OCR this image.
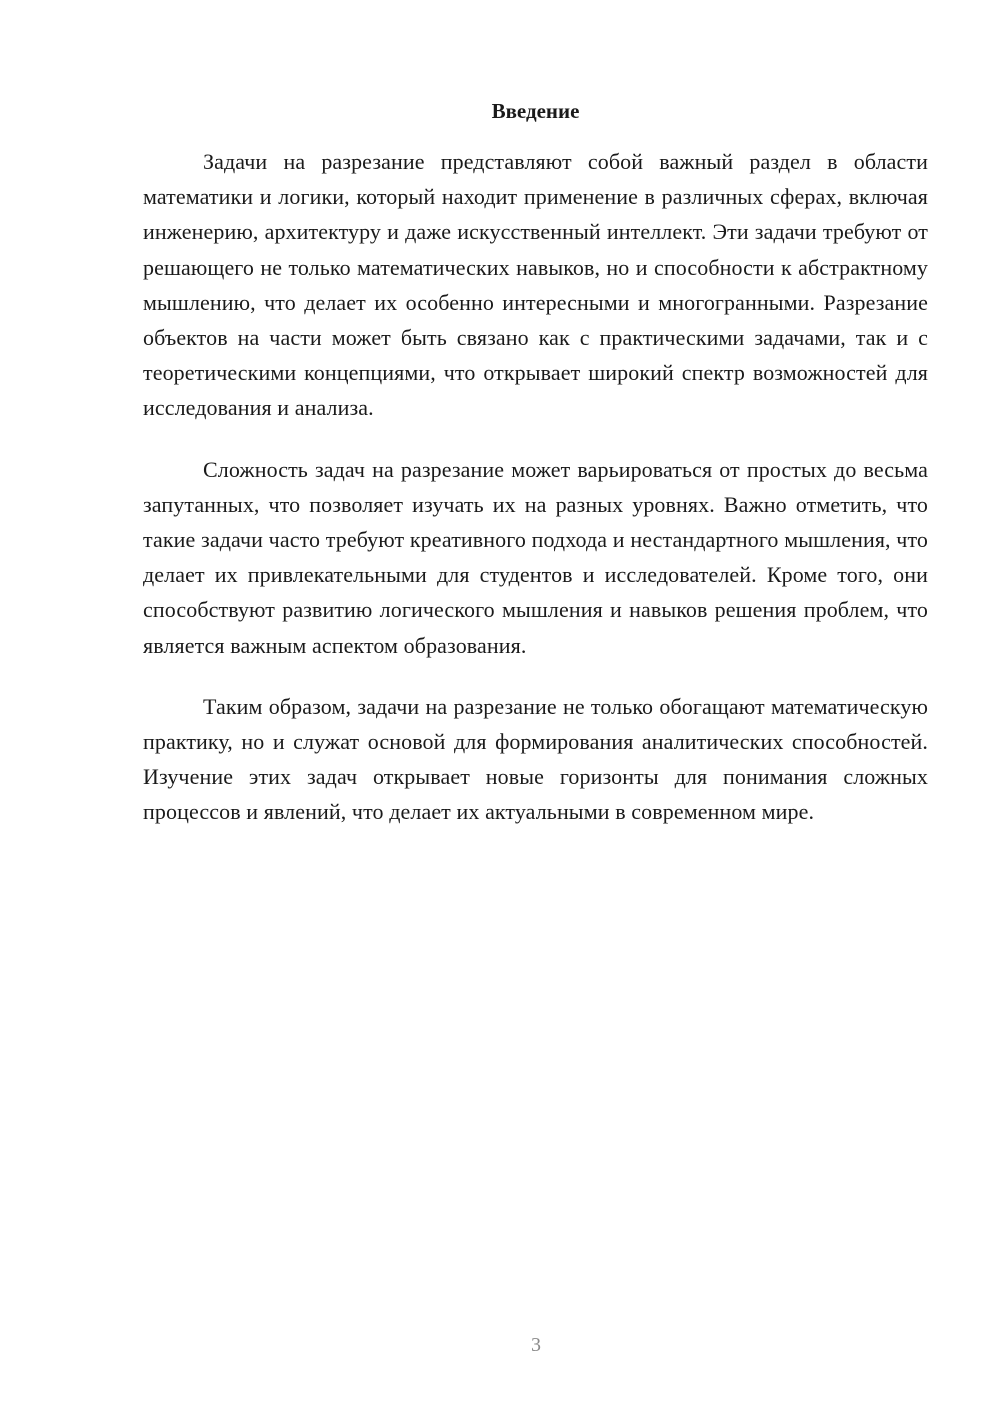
Введение

Задачи на разрезание представляют собой важный раздел в области математики и логики, который находит применение в различных сферах, включая инженерию, архитектуру и даже искусственный интеллект. Эти задачи требуют от решающего не только математических навыков, но и способности к абстрактному мышлению, что делает их особенно интересными и многогранными. Разрезание объектов на части может быть связано как с практическими задачами, так и с теоретическими концепциями, что открывает широкий спектр возможностей для исследования и анализа.

Сложность задач на разрезание может варьироваться от простых до весьма запутанных, что позволяет изучать их на разных уровнях. Важно отметить, что такие задачи часто требуют креативного подхода и нестандартного мышления, что делает их привлекательными для студентов и исследователей. Кроме того, они способствуют развитию логического мышления и навыков решения проблем, что является важным аспектом образования.

Таким образом, задачи на разрезание не только обогащают математическую практику, но и служат основой для формирования аналитических способностей. Изучение этих задач открывает новые горизонты для понимания сложных процессов и явлений, что делает их актуальными в современном мире.

3
